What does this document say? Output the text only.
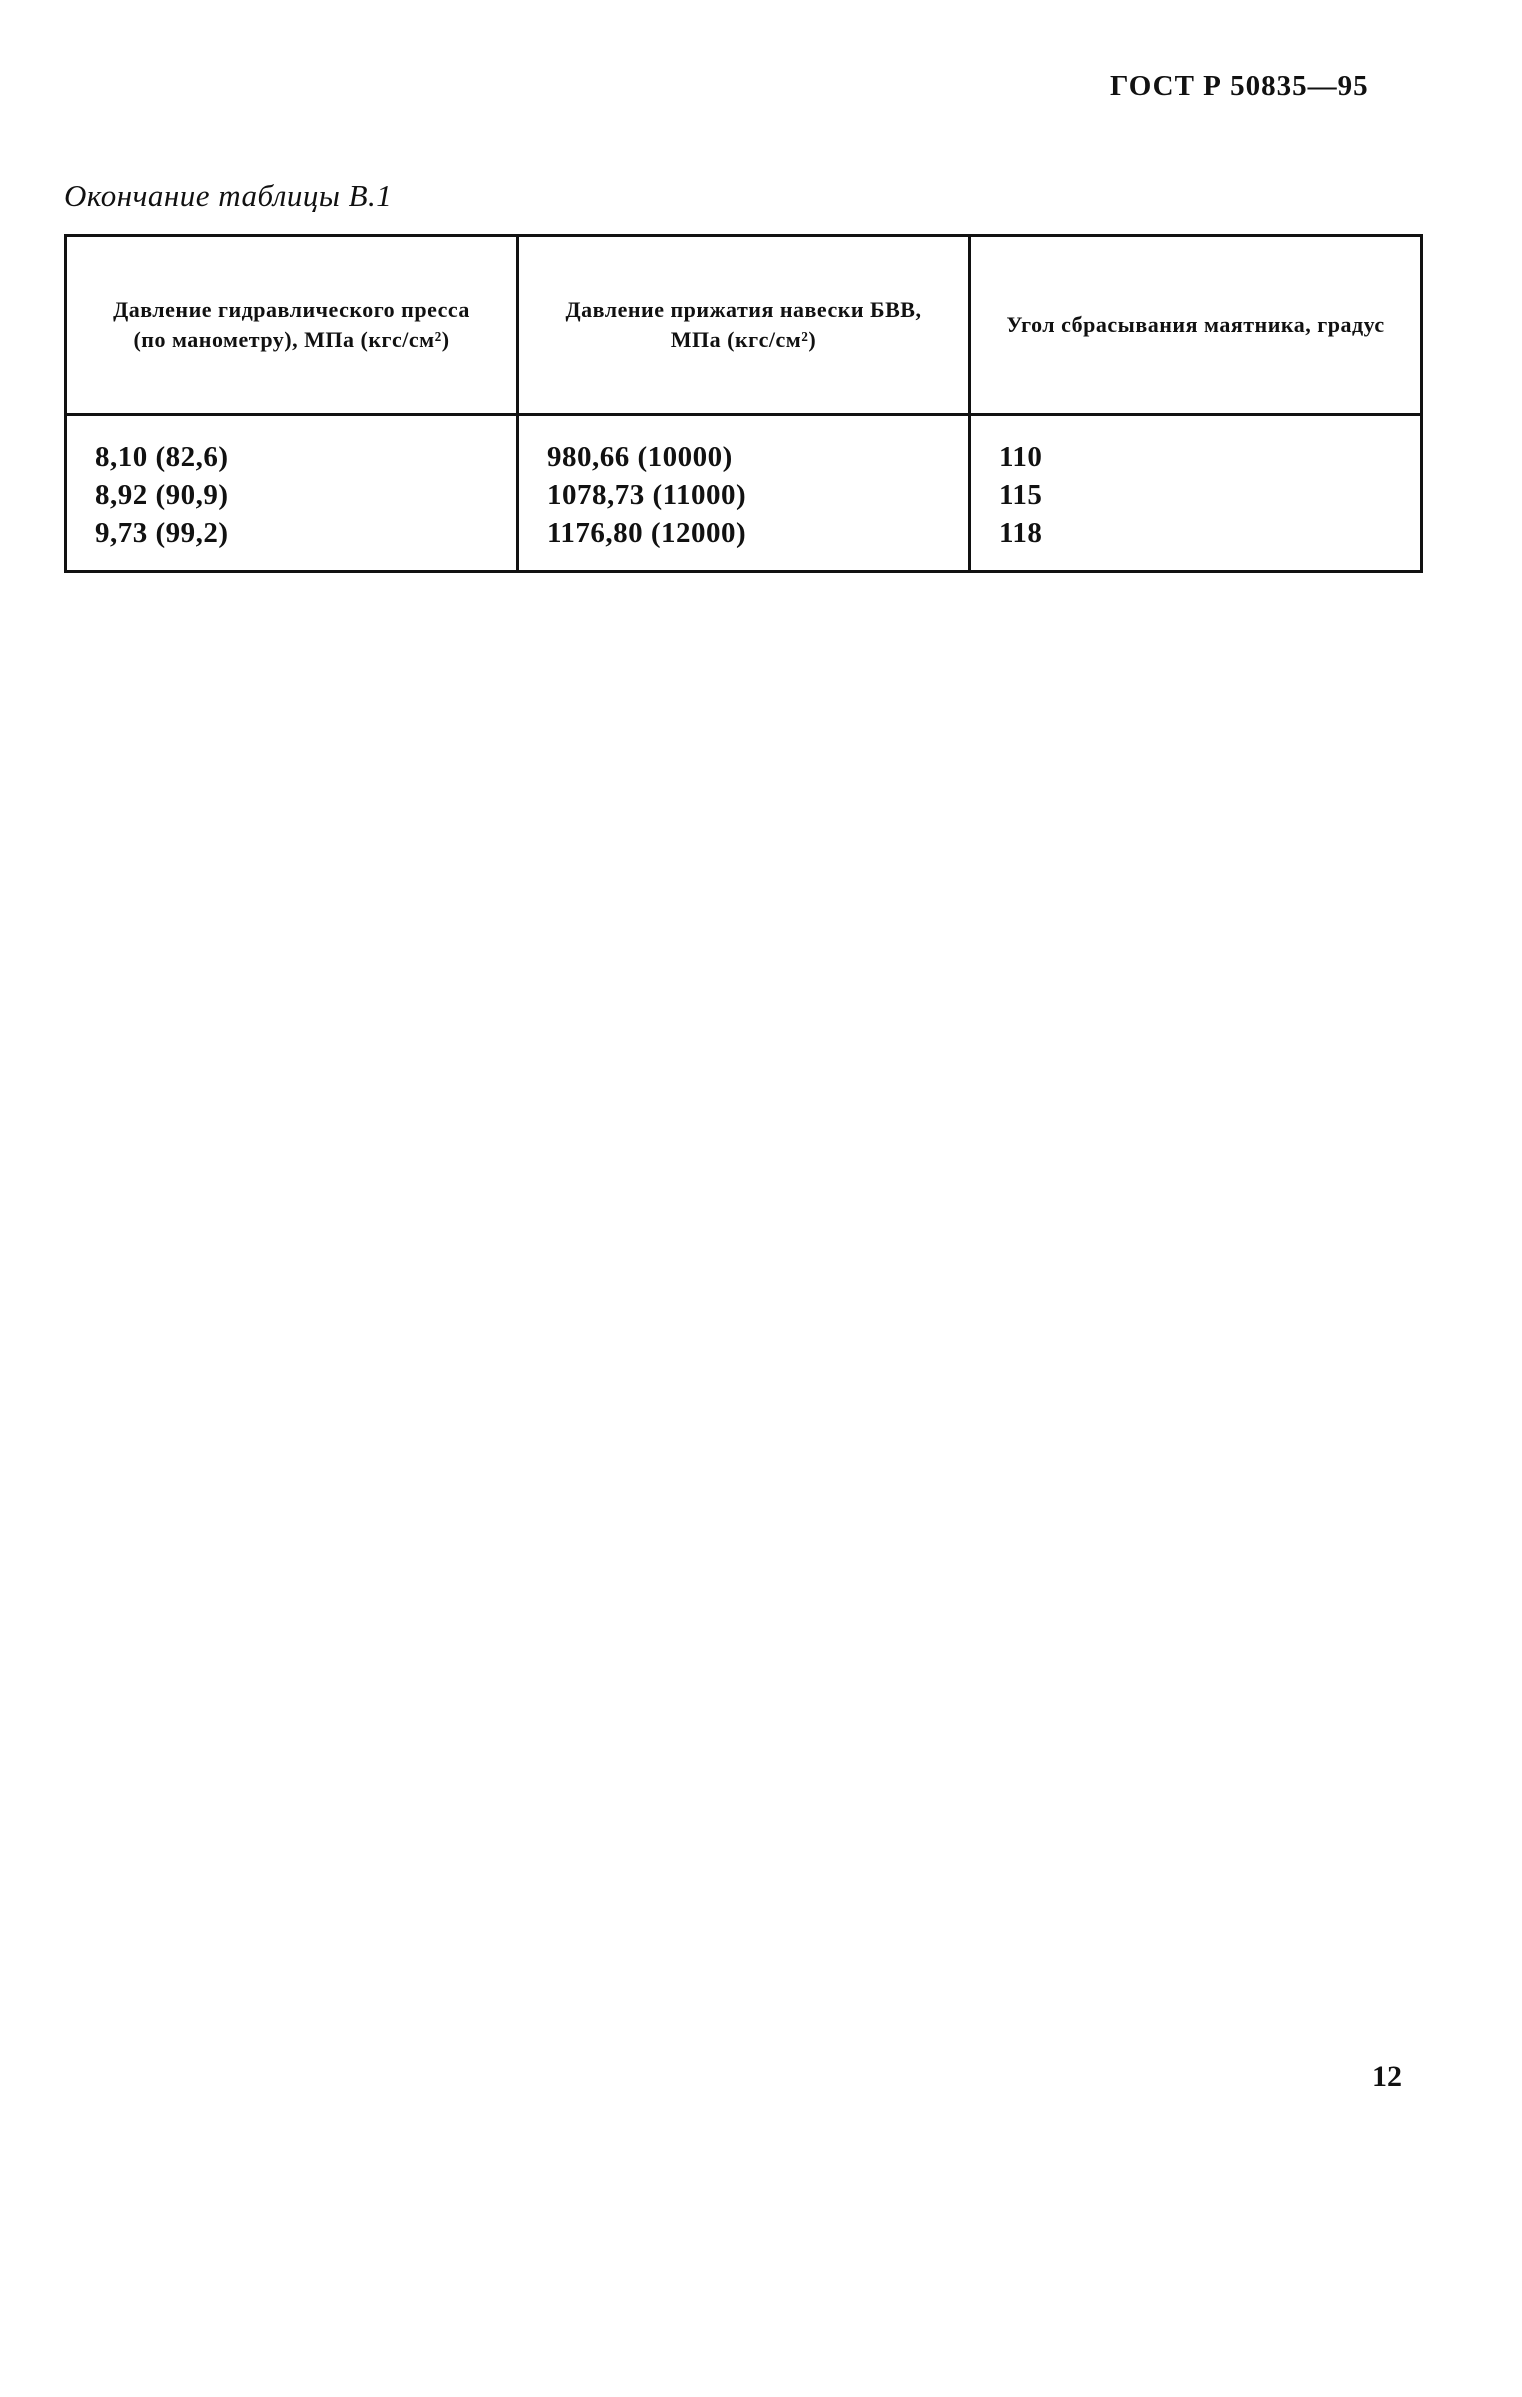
ГОСТ Р 50835—95
Окончание таблицы В.1
Давление гидравлического пресса (по манометру), МПа (кгс/см²)	Давление прижатия навески БВВ, МПа (кгс/см²)	Угол сбрасывания маятника, градус
8,10 (82,6)	980,66 (10000)	110
8,92 (90,9)	1078,73 (11000)	115
9,73 (99,2)	1176,80 (12000)	118
12
